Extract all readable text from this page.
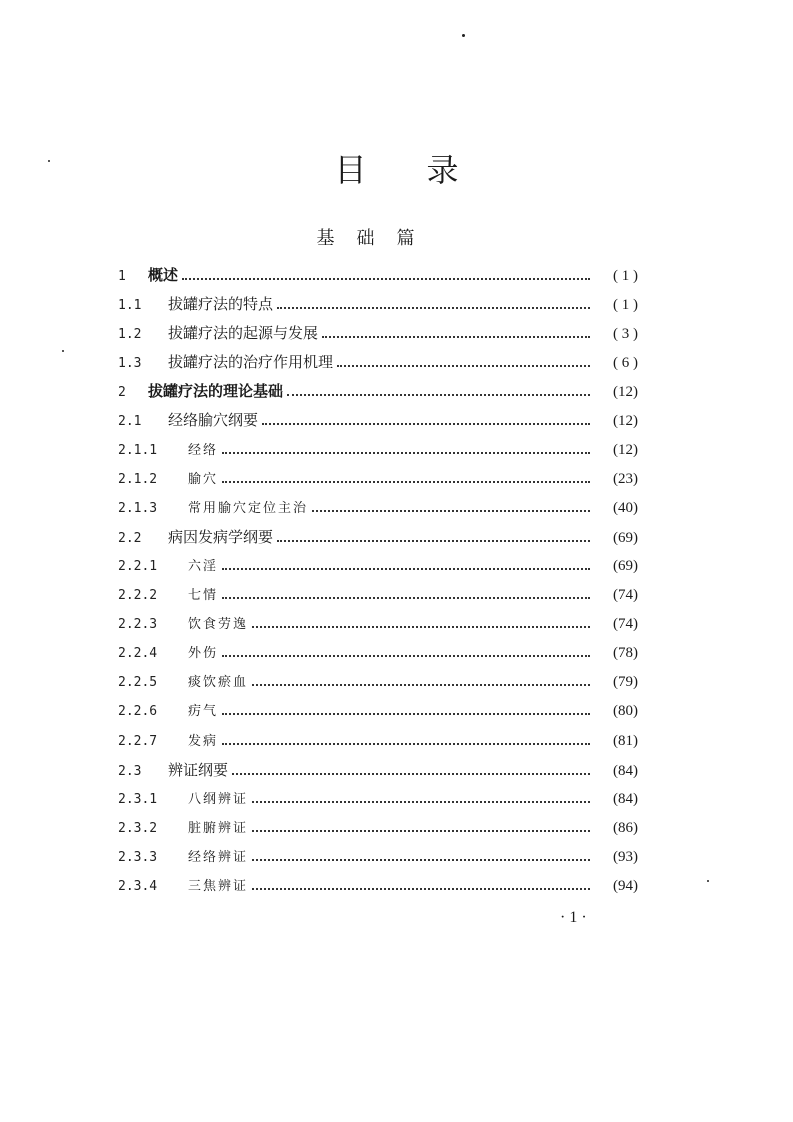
目 录
基础篇
1	概述	( 1 )
1.1	拔罐疗法的特点	( 1 )
1.2	拔罐疗法的起源与发展	( 3 )
1.3	拔罐疗法的治疗作用机理	( 6 )
2	拔罐疗法的理论基础	(12)
2.1	经络腧穴纲要	(12)
2.1.1	经络	(12)
2.1.2	腧穴	(23)
2.1.3	常用腧穴定位主治	(40)
2.2	病因发病学纲要	(69)
2.2.1	六淫	(69)
2.2.2	七情	(74)
2.2.3	饮食劳逸	(74)
2.2.4	外伤	(78)
2.2.5	痰饮瘀血	(79)
2.2.6	疠气	(80)
2.2.7	发病	(81)
2.3	辨证纲要	(84)
2.3.1	八纲辨证	(84)
2.3.2	脏腑辨证	(86)
2.3.3	经络辨证	(93)
2.3.4	三焦辨证	(94)
· 1 ·
